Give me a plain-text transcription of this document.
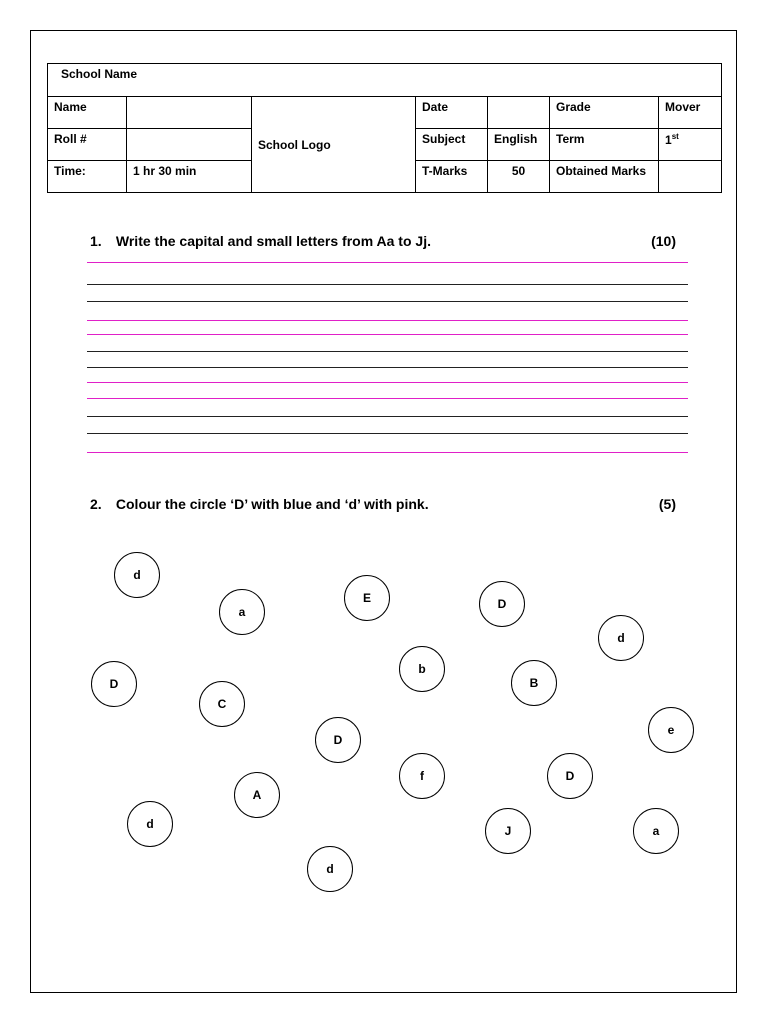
School Name						
Name		School Logo	Date		Grade	Mover
Roll #			Subject	English	Term	1st
Time:	1 hr 30 min		T-Marks	50	Obtained Marks	
1. Write the capital and small letters from Aa to Jj.	(10)
2. Colour the circle ‘D’ with blue and ‘d’ with pink.	(5)
d
a
E	D
d
b
D	B
C
D
e
f	D
A
d	J	a
d
